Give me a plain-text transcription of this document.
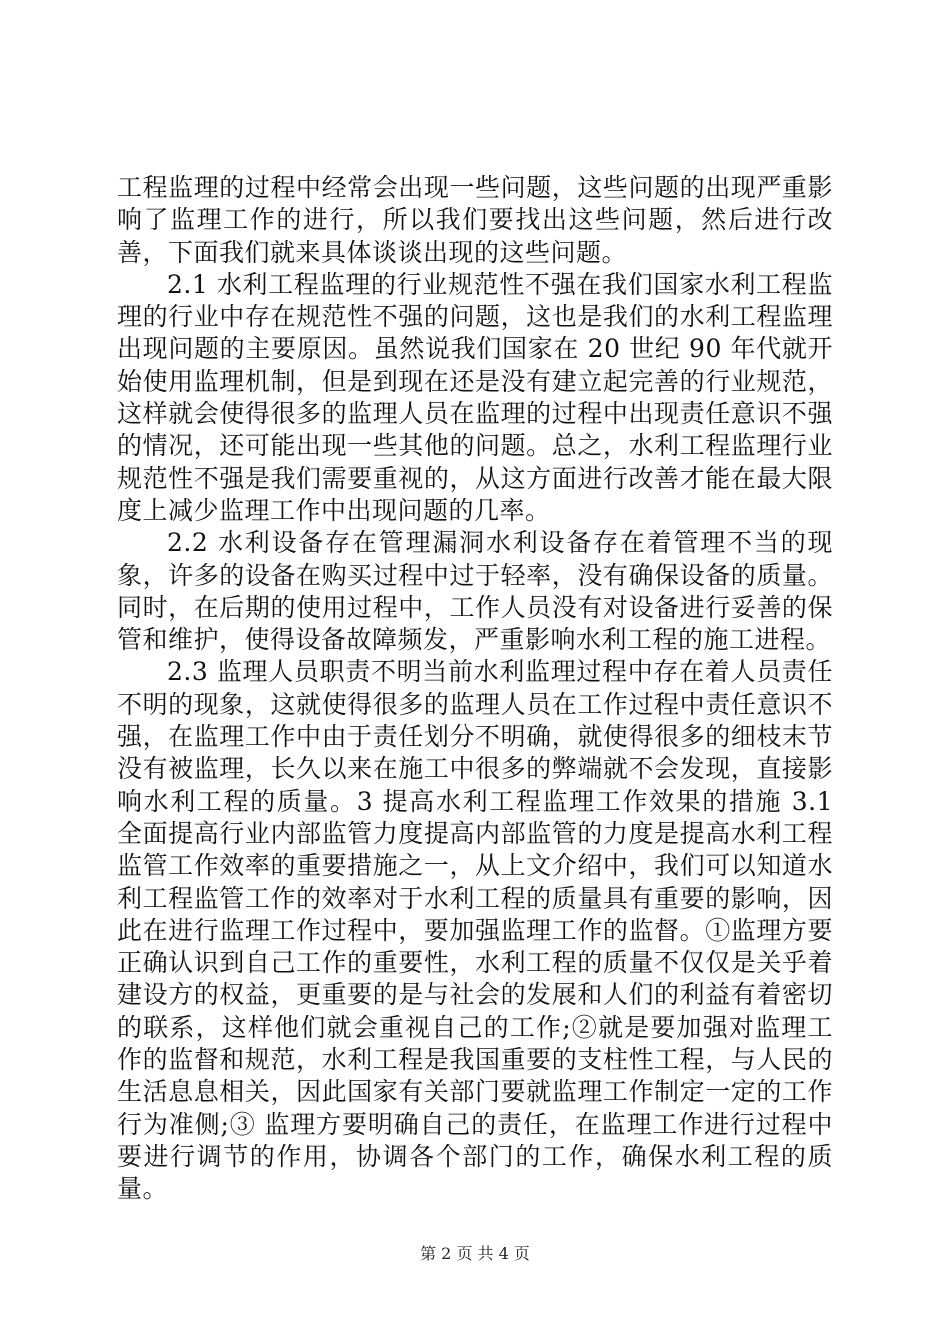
工程监理的过程中经常会出现一些问题，这些问题的出现严重影响了监理工作的进行，所以我们要找出这些问题，然后进行改善，下面我们就来具体谈谈出现的这些问题。

2.1 水利工程监理的行业规范性不强在我们国家水利工程监理的行业中存在规范性不强的问题，这也是我们的水利工程监理出现问题的主要原因。虽然说我们国家在 20 世纪 90 年代就开始使用监理机制，但是到现在还是没有建立起完善的行业规范，这样就会使得很多的监理人员在监理的过程中出现责任意识不强的情况，还可能出现一些其他的问题。总之，水利工程监理行业规范性不强是我们需要重视的，从这方面进行改善才能在最大限度上减少监理工作中出现问题的几率。

2.2 水利设备存在管理漏洞水利设备存在着管理不当的现象，许多的设备在购买过程中过于轻率，没有确保设备的质量。同时，在后期的使用过程中，工作人员没有对设备进行妥善的保管和维护，使得设备故障频发，严重影响水利工程的施工进程。

2.3 监理人员职责不明当前水利监理过程中存在着人员责任不明的现象，这就使得很多的监理人员在工作过程中责任意识不强，在监理工作中由于责任划分不明确，就使得很多的细枝末节没有被监理，长久以来在施工中很多的弊端就不会发现，直接影响水利工程的质量。3 提高水利工程监理工作效果的措施 3.1 全面提高行业内部监管力度提高内部监管的力度是提高水利工程监管工作效率的重要措施之一，从上文介绍中，我们可以知道水利工程监管工作的效率对于水利工程的质量具有重要的影响，因此在进行监理工作过程中，要加强监理工作的监督。①监理方要正确认识到自己工作的重要性，水利工程的质量不仅仅是关乎着建设方的权益，更重要的是与社会的发展和人们的利益有着密切的联系，这样他们就会重视自己的工作;②就是要加强对监理工作的监督和规范，水利工程是我国重要的支柱性工程，与人民的生活息息相关，因此国家有关部门要就监理工作制定一定的工作行为准侧;③ 监理方要明确自己的责任，在监理工作进行过程中要进行调节的作用，协调各个部门的工作，确保水利工程的质量。

第 2 页 共 4 页
